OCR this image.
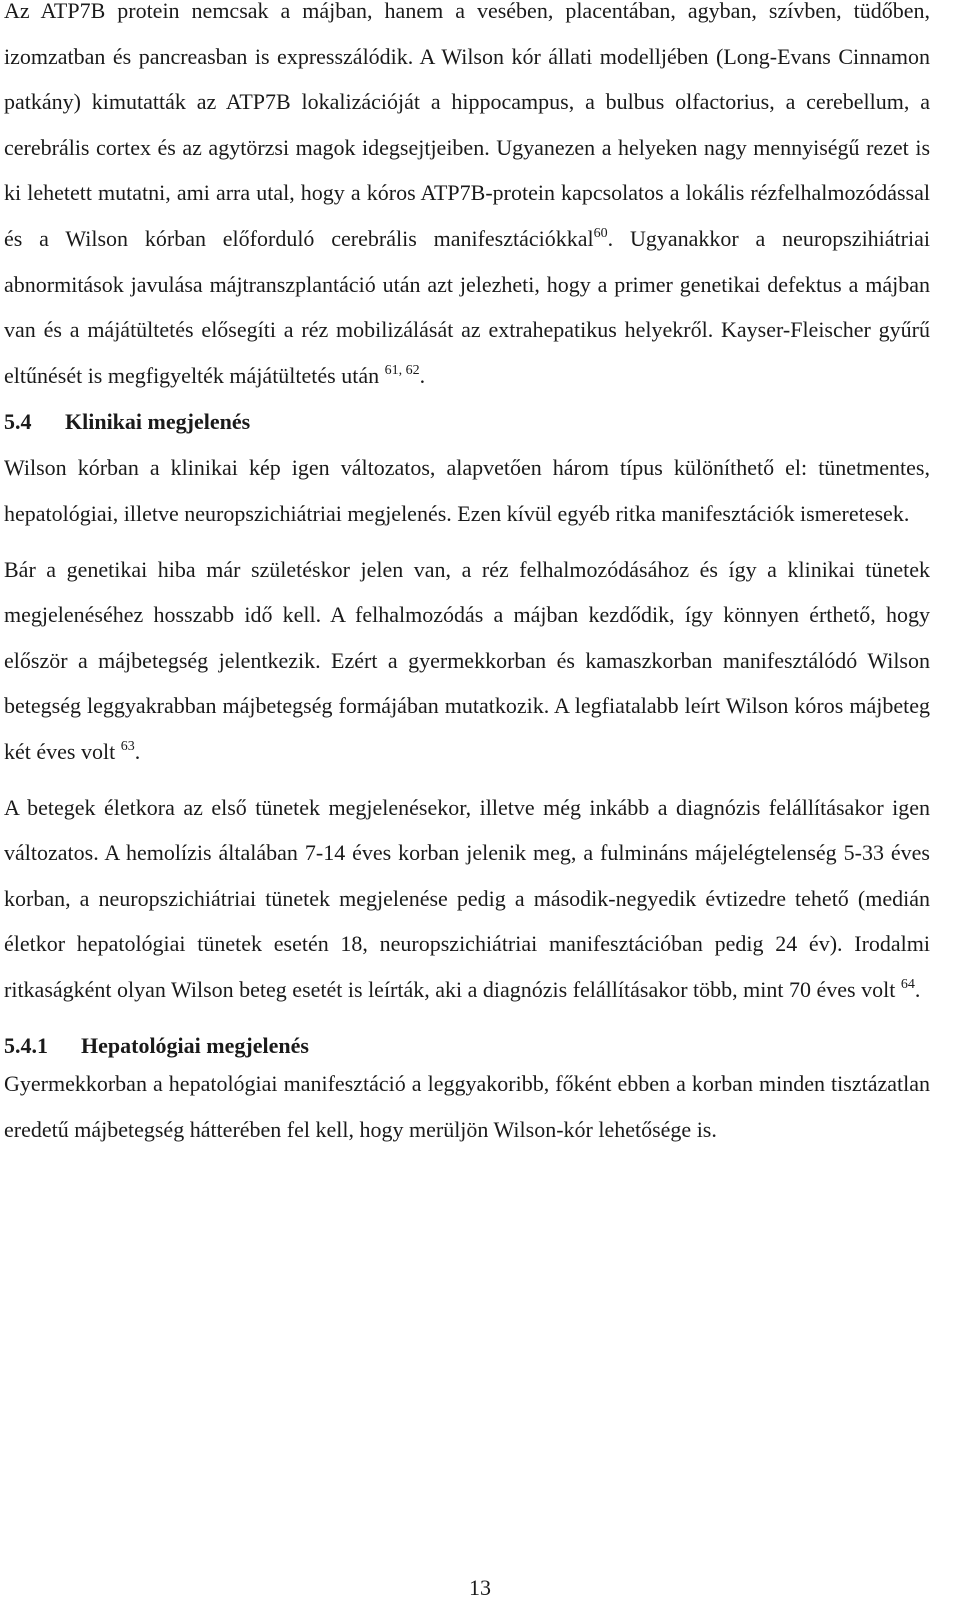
Az ATP7B protein nemcsak a májban, hanem a vesében, placentában, agyban, szívben, tüdőben, izomzatban és pancreasban is expresszálódik. A Wilson kór állati modelljében (Long-Evans Cinnamon patkány) kimutatták az ATP7B lokalizációját a hippocampus, a bulbus olfactorius, a cerebellum, a cerebrális cortex és az agytörzsi magok idegsejtjeiben. Ugyanezen a helyeken nagy mennyiségű rezet is ki lehetett mutatni, ami arra utal, hogy a kóros ATP7B-protein kapcsolatos a lokális rézfelhalmozódással és a Wilson kórban előforduló cerebrális manifesztációkkal$^{60}$. Ugyanakkor a neuropszihiátriai abnormitások javulása májtranszplantáció után azt jelezheti, hogy a primer genetikai defektus a májban van és a májátültetés elősegíti a réz mobilizálását az extrahepatikus helyekről. Kayser-Fleischer gyűrű eltűnését is megfigyelték májátültetés után $^{61, 62}$.

5.4 Klinikai megjelenés

Wilson kórban a klinikai kép igen változatos, alapvetően három típus különíthető el: tünetmentes, hepatológiai, illetve neuropszichiátriai megjelenés. Ezen kívül egyéb ritka manifesztációk ismeretesek.

Bár a genetikai hiba már születéskor jelen van, a réz felhalmozódásához és így a klinikai tünetek megjelenéséhez hosszabb idő kell. A felhalmozódás a májban kezdődik, így könnyen érthető, hogy először a májbetegség jelentkezik. Ezért a gyermekkorban és kamaszkorban manifesztálódó Wilson betegség leggyakrabban májbetegség formájában mutatkozik. A legfiatalabb leírt Wilson kóros májbeteg két éves volt $^{63}$.

A betegek életkora az első tünetek megjelenésekor, illetve még inkább a diagnózis felállításakor igen változatos. A hemolízis általában 7-14 éves korban jelenik meg, a fulmináns májelégtelenség 5-33 éves korban, a neuropszichiátriai tünetek megjelenése pedig a második-negyedik évtizedre tehető (medián életkor hepatológiai tünetek esetén 18, neuropszichiátriai manifesztációban pedig 24 év). Irodalmi ritkaságként olyan Wilson beteg esetét is leírták, aki a diagnózis felállításakor több, mint 70 éves volt $^{64}$.

5.4.1 Hepatológiai megjelenés

Gyermekkorban a hepatológiai manifesztáció a leggyakoribb, főként ebben a korban minden tisztázatlan eredetű májbetegség hátterében fel kell, hogy merüljön Wilson-kór lehetősége is.

13
